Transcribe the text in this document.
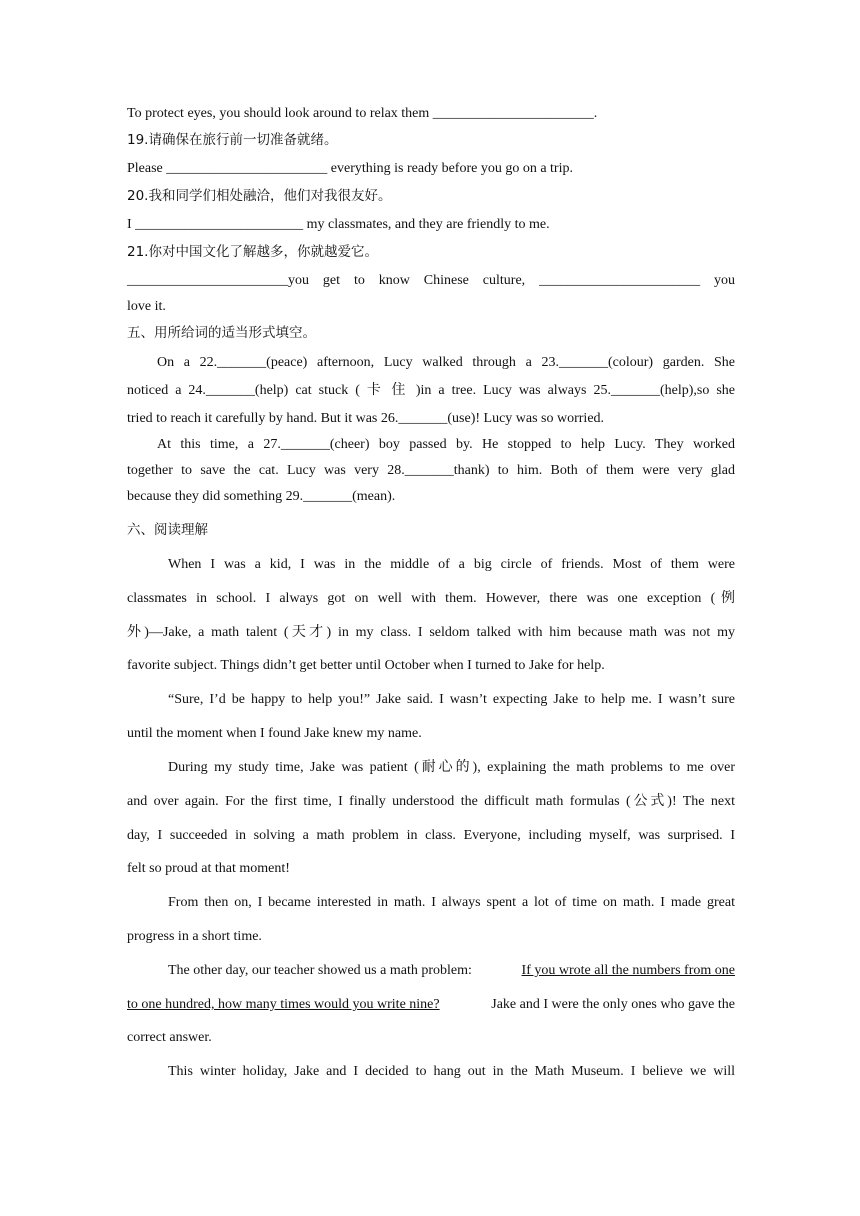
To protect eyes, you should look around to relax them _______________________.
19.请确保在旅行前一切准备就绪。
Please _______________________ everything is ready before you go on a trip.
20.我和同学们相处融洽，他们对我很友好。
I ________________________ my classmates, and they are friendly to me.
21.你对中国文化了解越多，你就越爱它。
_______________________you get to know Chinese culture, _______________________ you
love it.
五、用所给词的适当形式填空。
On a 22._______(peace) afternoon, Lucy walked through a 23._______(colour) garden. She
noticed a 24._______(help) cat stuck ( 卡 住 )in a tree. Lucy was always 25._______(help),so she
tried to reach it carefully by hand. But it was 26._______(use)! Lucy was so worried.
At this time, a 27._______(cheer) boy passed by. He stopped to help Lucy. They worked
together to save the cat. Lucy was very 28._______thank) to him. Both of them were very glad
because they did something 29._______(mean).
六、阅读理解
When I was a kid, I was in the middle of a big circle of friends. Most of them were
classmates in school. I always got on well with them. However, there was one exception (例
外)—Jake, a math talent (天才) in my class. I seldom talked with him because math was not my
favorite subject. Things didn’t get better until October when I turned to Jake for help.
“Sure, I’d be happy to help you!” Jake said. I wasn’t expecting Jake to help me. I wasn’t sure
until the moment when I found Jake knew my name.
During my study time, Jake was patient (耐心的), explaining the math problems to me over
and over again. For the first time, I finally understood the difficult math formulas (公式)! The next
day, I succeeded in solving a math problem in class. Everyone, including myself, was surprised. I
felt so proud at that moment!
From then on, I became interested in math. I always spent a lot of time on math. I made great
progress in a short time.
The other day, our teacher showed us a math problem:	If you wrote all the numbers from one
to one hundred, how many times would you write nine?	Jake and I were the only ones who gave the
correct answer.
This winter holiday, Jake and I decided to hang out in the Math Museum. I believe we will
